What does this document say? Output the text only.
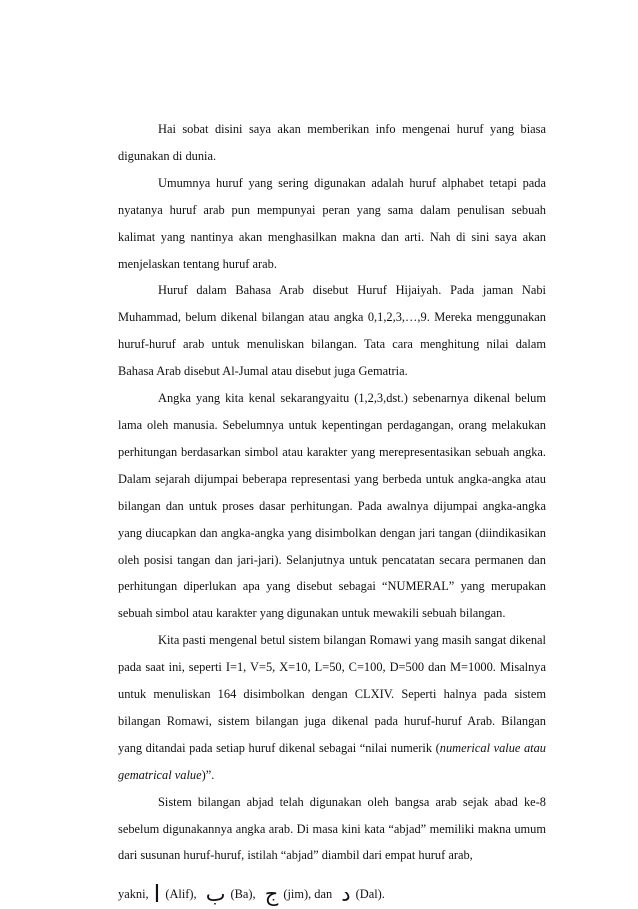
Hai sobat disini saya akan memberikan info mengenai huruf yang biasa digunakan di dunia.

Umumnya huruf yang sering digunakan adalah huruf alphabet tetapi pada nyatanya huruf arab pun mempunyai peran yang sama dalam penulisan sebuah kalimat yang nantinya akan menghasilkan makna dan arti. Nah di sini saya akan menjelaskan tentang huruf arab.

Huruf dalam Bahasa Arab disebut Huruf Hijaiyah. Pada jaman Nabi Muhammad, belum dikenal bilangan atau angka 0,1,2,3,…,9. Mereka menggunakan huruf-huruf arab untuk menuliskan bilangan. Tata cara menghitung nilai dalam Bahasa Arab disebut Al-Jumal atau disebut juga Gematria.

Angka yang kita kenal sekarangyaitu (1,2,3,dst.) sebenarnya dikenal belum lama oleh manusia. Sebelumnya untuk kepentingan perdagangan, orang melakukan perhitungan berdasarkan simbol atau karakter yang merepresentasikan sebuah angka. Dalam sejarah dijumpai beberapa representasi yang berbeda untuk angka-angka atau bilangan dan untuk proses dasar perhitungan. Pada awalnya dijumpai angka-angka yang diucapkan dan angka-angka yang disimbolkan dengan jari tangan (diindikasikan oleh posisi tangan dan jari-jari). Selanjutnya untuk pencatatan secara permanen dan perhitungan diperlukan apa yang disebut sebagai “NUMERAL” yang merupakan sebuah simbol atau karakter yang digunakan untuk mewakili sebuah bilangan.

Kita pasti mengenal betul sistem bilangan Romawi yang masih sangat dikenal pada saat ini, seperti I=1, V=5, X=10, L=50, C=100, D=500 dan M=1000. Misalnya untuk menuliskan 164 disimbolkan dengan CLXIV. Seperti halnya pada sistem bilangan Romawi, sistem bilangan juga dikenal pada huruf-huruf Arab. Bilangan yang ditandai pada setiap huruf dikenal sebagai “nilai numerik (numerical value atau gematrical value)”.

Sistem bilangan abjad telah digunakan oleh bangsa arab sejak abad ke-8 sebelum digunakannya angka arab. Di masa kini kata “abjad” memiliki makna umum dari susunan huruf-huruf, istilah “abjad” diambil dari empat huruf arab,

yakni, ا (Alif), ب (Ba), ج (jim), dan د (Dal).
